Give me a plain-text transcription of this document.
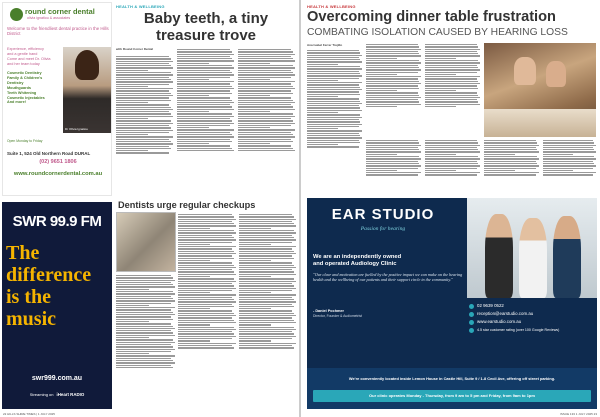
round corner dental
olivia ignatiou & associates
Welcome to the friendliest dental practice in the Hills District
Experience, efficiency
and a gentle hand
Come and meet Dr. Olivia
and her team today
Cosmetic Dentistry
Family & Children's
Dentistry
Mouthguards
Teeth Whitening
Cosmetic Injectables
And more!
Dr Olivia Ignatiou
Open Monday to Friday
Suite 1, 524 Old Northern Road DURAL
(02) 9651 1806
www.roundcornerdental.com.au
HEALTH & WELLBEING
Baby teeth, a tiny
treasure trove
with Round Corner Dental
Dentists urge regular checkups
SWR 99.9 FM
The
difference
is the
music
swr999.com.au
Streaming on iHeart RADIO
22 HILLS SHIRE TIMES | 1 JULY 2025
HEALTH & WELLBEING
Overcoming dinner table frustration
COMBATING ISOLATION CAUSED BY HEARING LOSS
Ana Isabel Ferrer Trujillo
EAR STUDIO
Passion for hearing
We are an independently owned
and operated Audiology Clinic
"Our clear and motivation are fuelled by the positive impact we can make on the hearing health and the wellbeing of our patients and their support circle in the community."
- Daniel Pochmer
Director, Founder & Audiometrist
02 9639 0522
reception@earstudio.com.au
www.earstudio.com.au
4.5 star customer rating (over 100 Google Reviews)
We're conveniently located inside Lemon House in Castle Hill, Suite 9 / 1-8 Cecil Ave, offering off street parking.
Our clinic operates Monday - Thursday, from 9 am to 5 pm and Friday, from 9am to 1pm
ISSUE 133 1 JULY 2025 23
